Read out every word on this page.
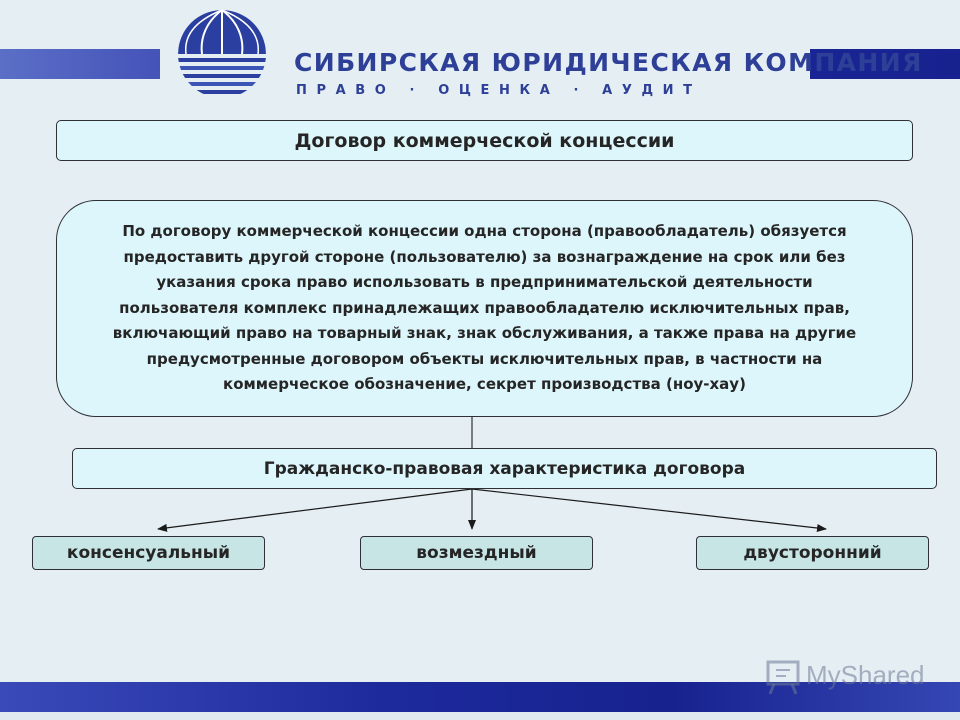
СИБИРСКАЯ ЮРИДИЧЕСКАЯ КОМПАНИЯ
ПРАВО · ОЦЕНКА · АУДИТ
Договор коммерческой концессии
По договору коммерческой концессии одна сторона (правообладатель) обязуется предоставить другой стороне (пользователю) за вознаграждение на срок или без указания срока право использовать в предпринимательской деятельности пользователя комплекс принадлежащих правообладателю исключительных прав, включающий право на товарный знак, знак обслуживания, а также права на другие предусмотренные договором объекты исключительных прав, в частности на коммерческое обозначение, секрет производства (ноу-хау)
Гражданско-правовая характеристика договора
консенсуальный	возмездный	двусторонний
MyShared
